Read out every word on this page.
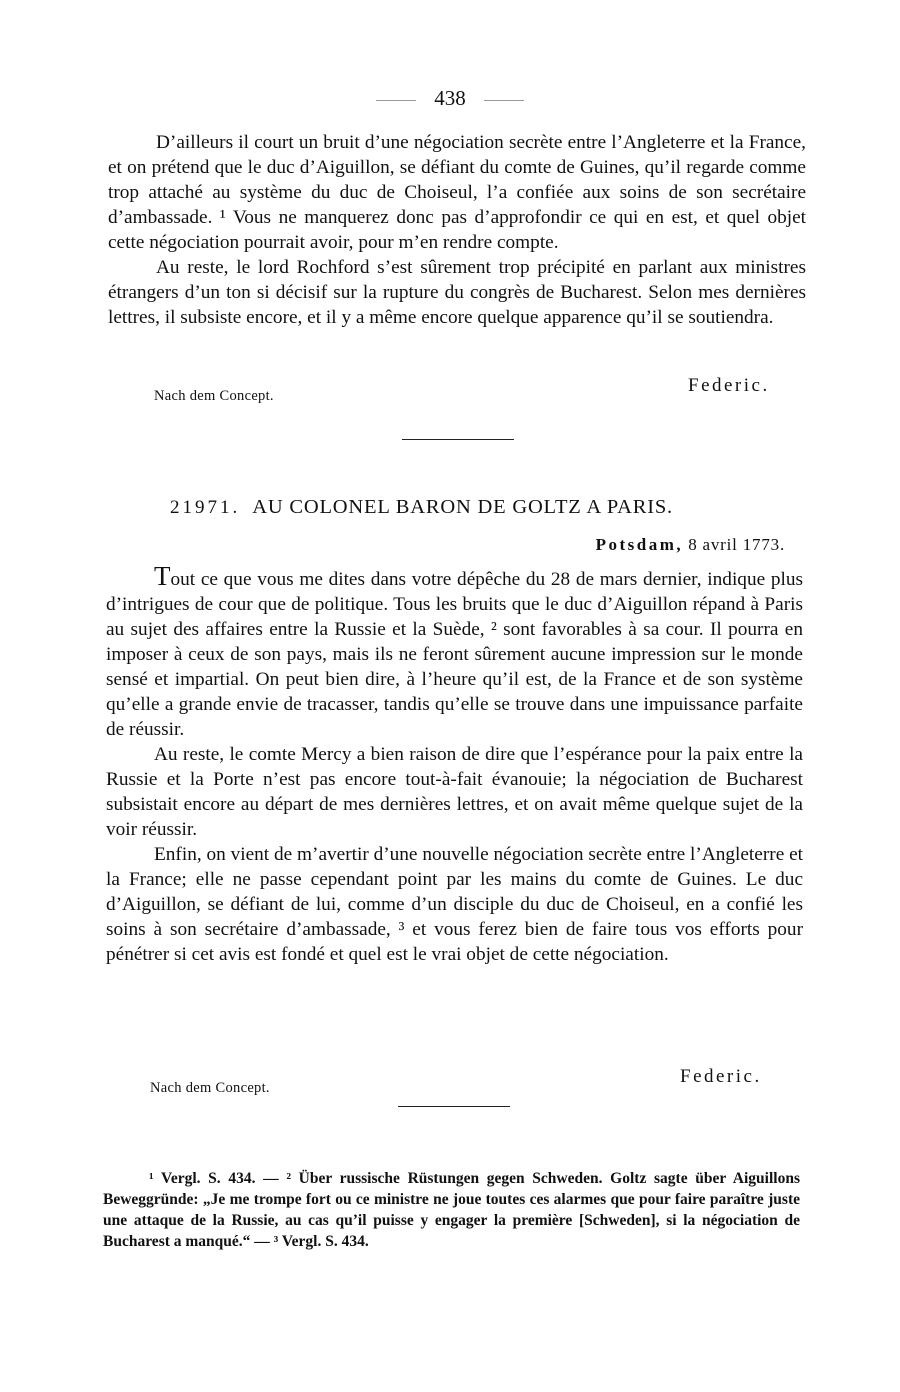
438

D’ailleurs il court un bruit d’une négociation secrète entre l’Angleterre et la France, et on prétend que le duc d’Aiguillon, se défiant du comte de Guines, qu’il regarde comme trop attaché au système du duc de Choiseul, l’a confiée aux soins de son secrétaire d’ambassade. ¹ Vous ne manquerez donc pas d’approfondir ce qui en est, et quel objet cette négociation pourrait avoir, pour m’en rendre compte.

Au reste, le lord Rochford s’est sûrement trop précipité en parlant aux ministres étrangers d’un ton si décisif sur la rupture du congrès de Bucharest. Selon mes dernières lettres, il subsiste encore, et il y a même encore quelque apparence qu’il se soutiendra.

Federic.
Nach dem Concept.
21971. AU COLONEL BARON DE GOLTZ A PARIS.
Potsdam, 8 avril 1773.

Tout ce que vous me dites dans votre dépêche du 28 de mars dernier, indique plus d’intrigues de cour que de politique. Tous les bruits que le duc d’Aiguillon répand à Paris au sujet des affaires entre la Russie et la Suède, ² sont favorables à sa cour. Il pourra en imposer à ceux de son pays, mais ils ne feront sûrement aucune impression sur le monde sensé et impartial. On peut bien dire, à l’heure qu’il est, de la France et de son système qu’elle a grande envie de tracasser, tandis qu’elle se trouve dans une impuissance parfaite de réussir.

Au reste, le comte Mercy a bien raison de dire que l’espérance pour la paix entre la Russie et la Porte n’est pas encore tout-à-fait évanouie; la négociation de Bucharest subsistait encore au départ de mes dernières lettres, et on avait même quelque sujet de la voir réussir.

Enfin, on vient de m’avertir d’une nouvelle négociation secrète entre l’Angleterre et la France; elle ne passe cependant point par les mains du comte de Guines. Le duc d’Aiguillon, se défiant de lui, comme d’un disciple du duc de Choiseul, en a confié les soins à son secrétaire d’ambassade, ³ et vous ferez bien de faire tous vos efforts pour pénétrer si cet avis est fondé et quel est le vrai objet de cette négociation.

Federic.
Nach dem Concept.

¹ Vergl. S. 434. — ² Über russische Rüstungen gegen Schweden. Goltz sagte über Aiguillons Beweggründe: „Je me trompe fort ou ce ministre ne joue toutes ces alarmes que pour faire paraître juste une attaque de la Russie, au cas qu’il puisse y engager la première [Schweden], si la négociation de Bucharest a manqué.“ — ³ Vergl. S. 434.
